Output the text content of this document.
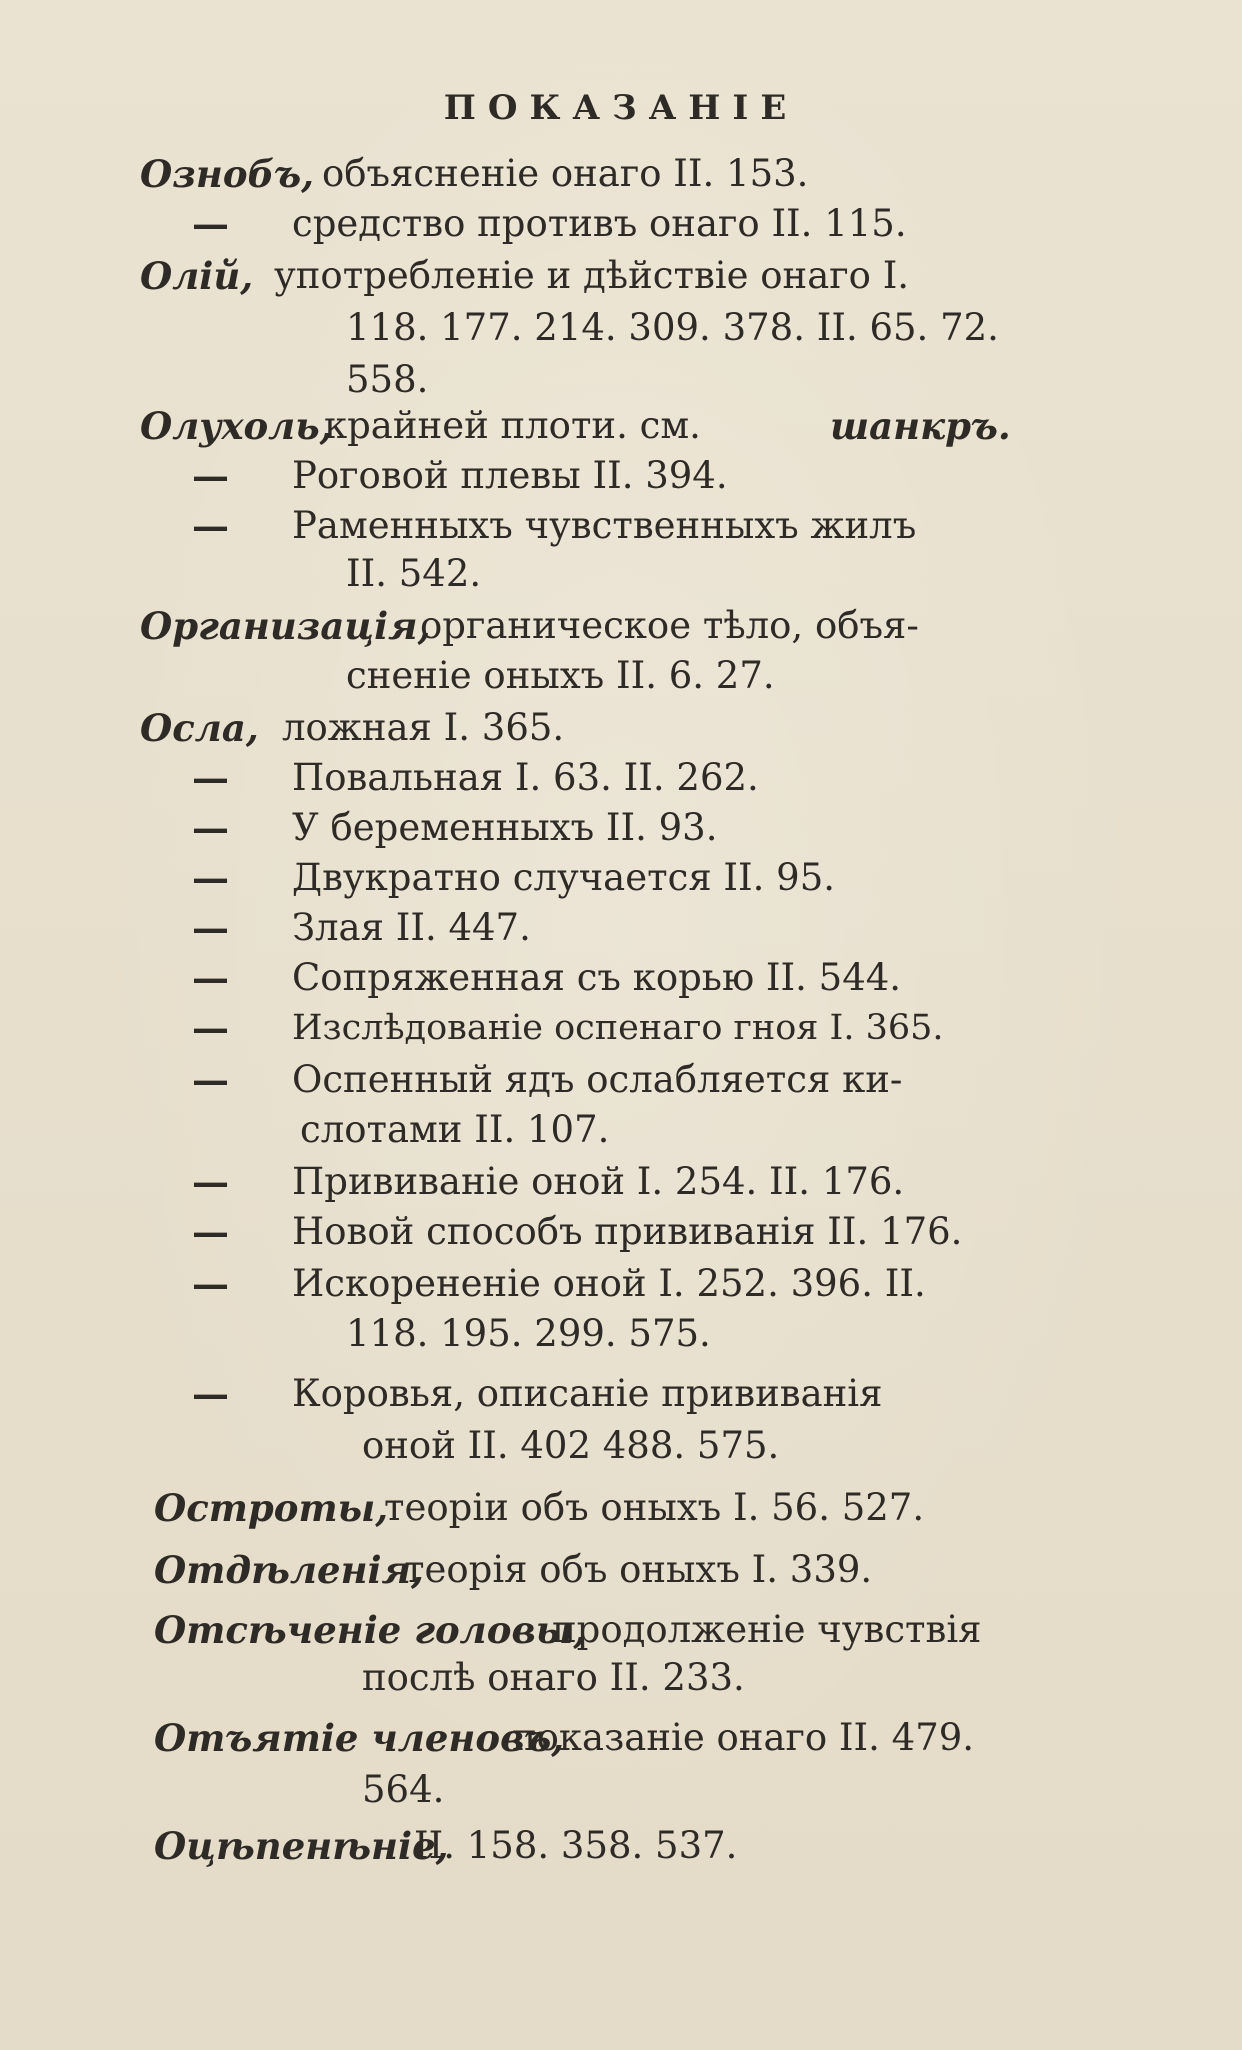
ПОКАЗАНІЕ
Ознобъ, объясненіе онаго II. 153.
— средство противъ онаго II. 115.
Олій, употребленіе и дѣйствіе онаго I.
118. 177. 214. 309. 378. II. 65. 72.
558.
Олухоль,
крайней плоти. см.	шанкръ.
— Роговой плевы II. 394.
— Раменныхъ чувственныхъ жилъ
II. 542.
Организація,
органическое тѣло, объя-
сненіе оныхъ II. 6. 27.
Осла, ложная I. 365.
— Повальная I. 63. II. 262.
— У беременныхъ II. 93.
— Двукратно случается II. 95.
— Злая II. 447.
— Сопряженная съ корью II. 544.
— Изслѣдованіе оспенаго гноя I. 365.
— Оспенный ядъ ослабляется ки-
слотами II. 107.
— Прививаніе оной I. 254. II. 176.
— Новой способъ прививанія II. 176.
— Искорененіе оной I. 252. 396. II.
118. 195. 299. 575.
— Коровья, описаніе прививанія
оной II. 402 488. 575.
Остроты,
теоріи объ оныхъ I. 56. 527.
Отдѣленія,
теорія объ оныхъ I. 339.
Отсѣченіе головы,
продолженіе чувствія
послѣ онаго II. 233.
Отъятіе членовъ,
показаніе онаго II. 479.
564.
Оцѣпенѣніе,
II. 158. 358. 537.
